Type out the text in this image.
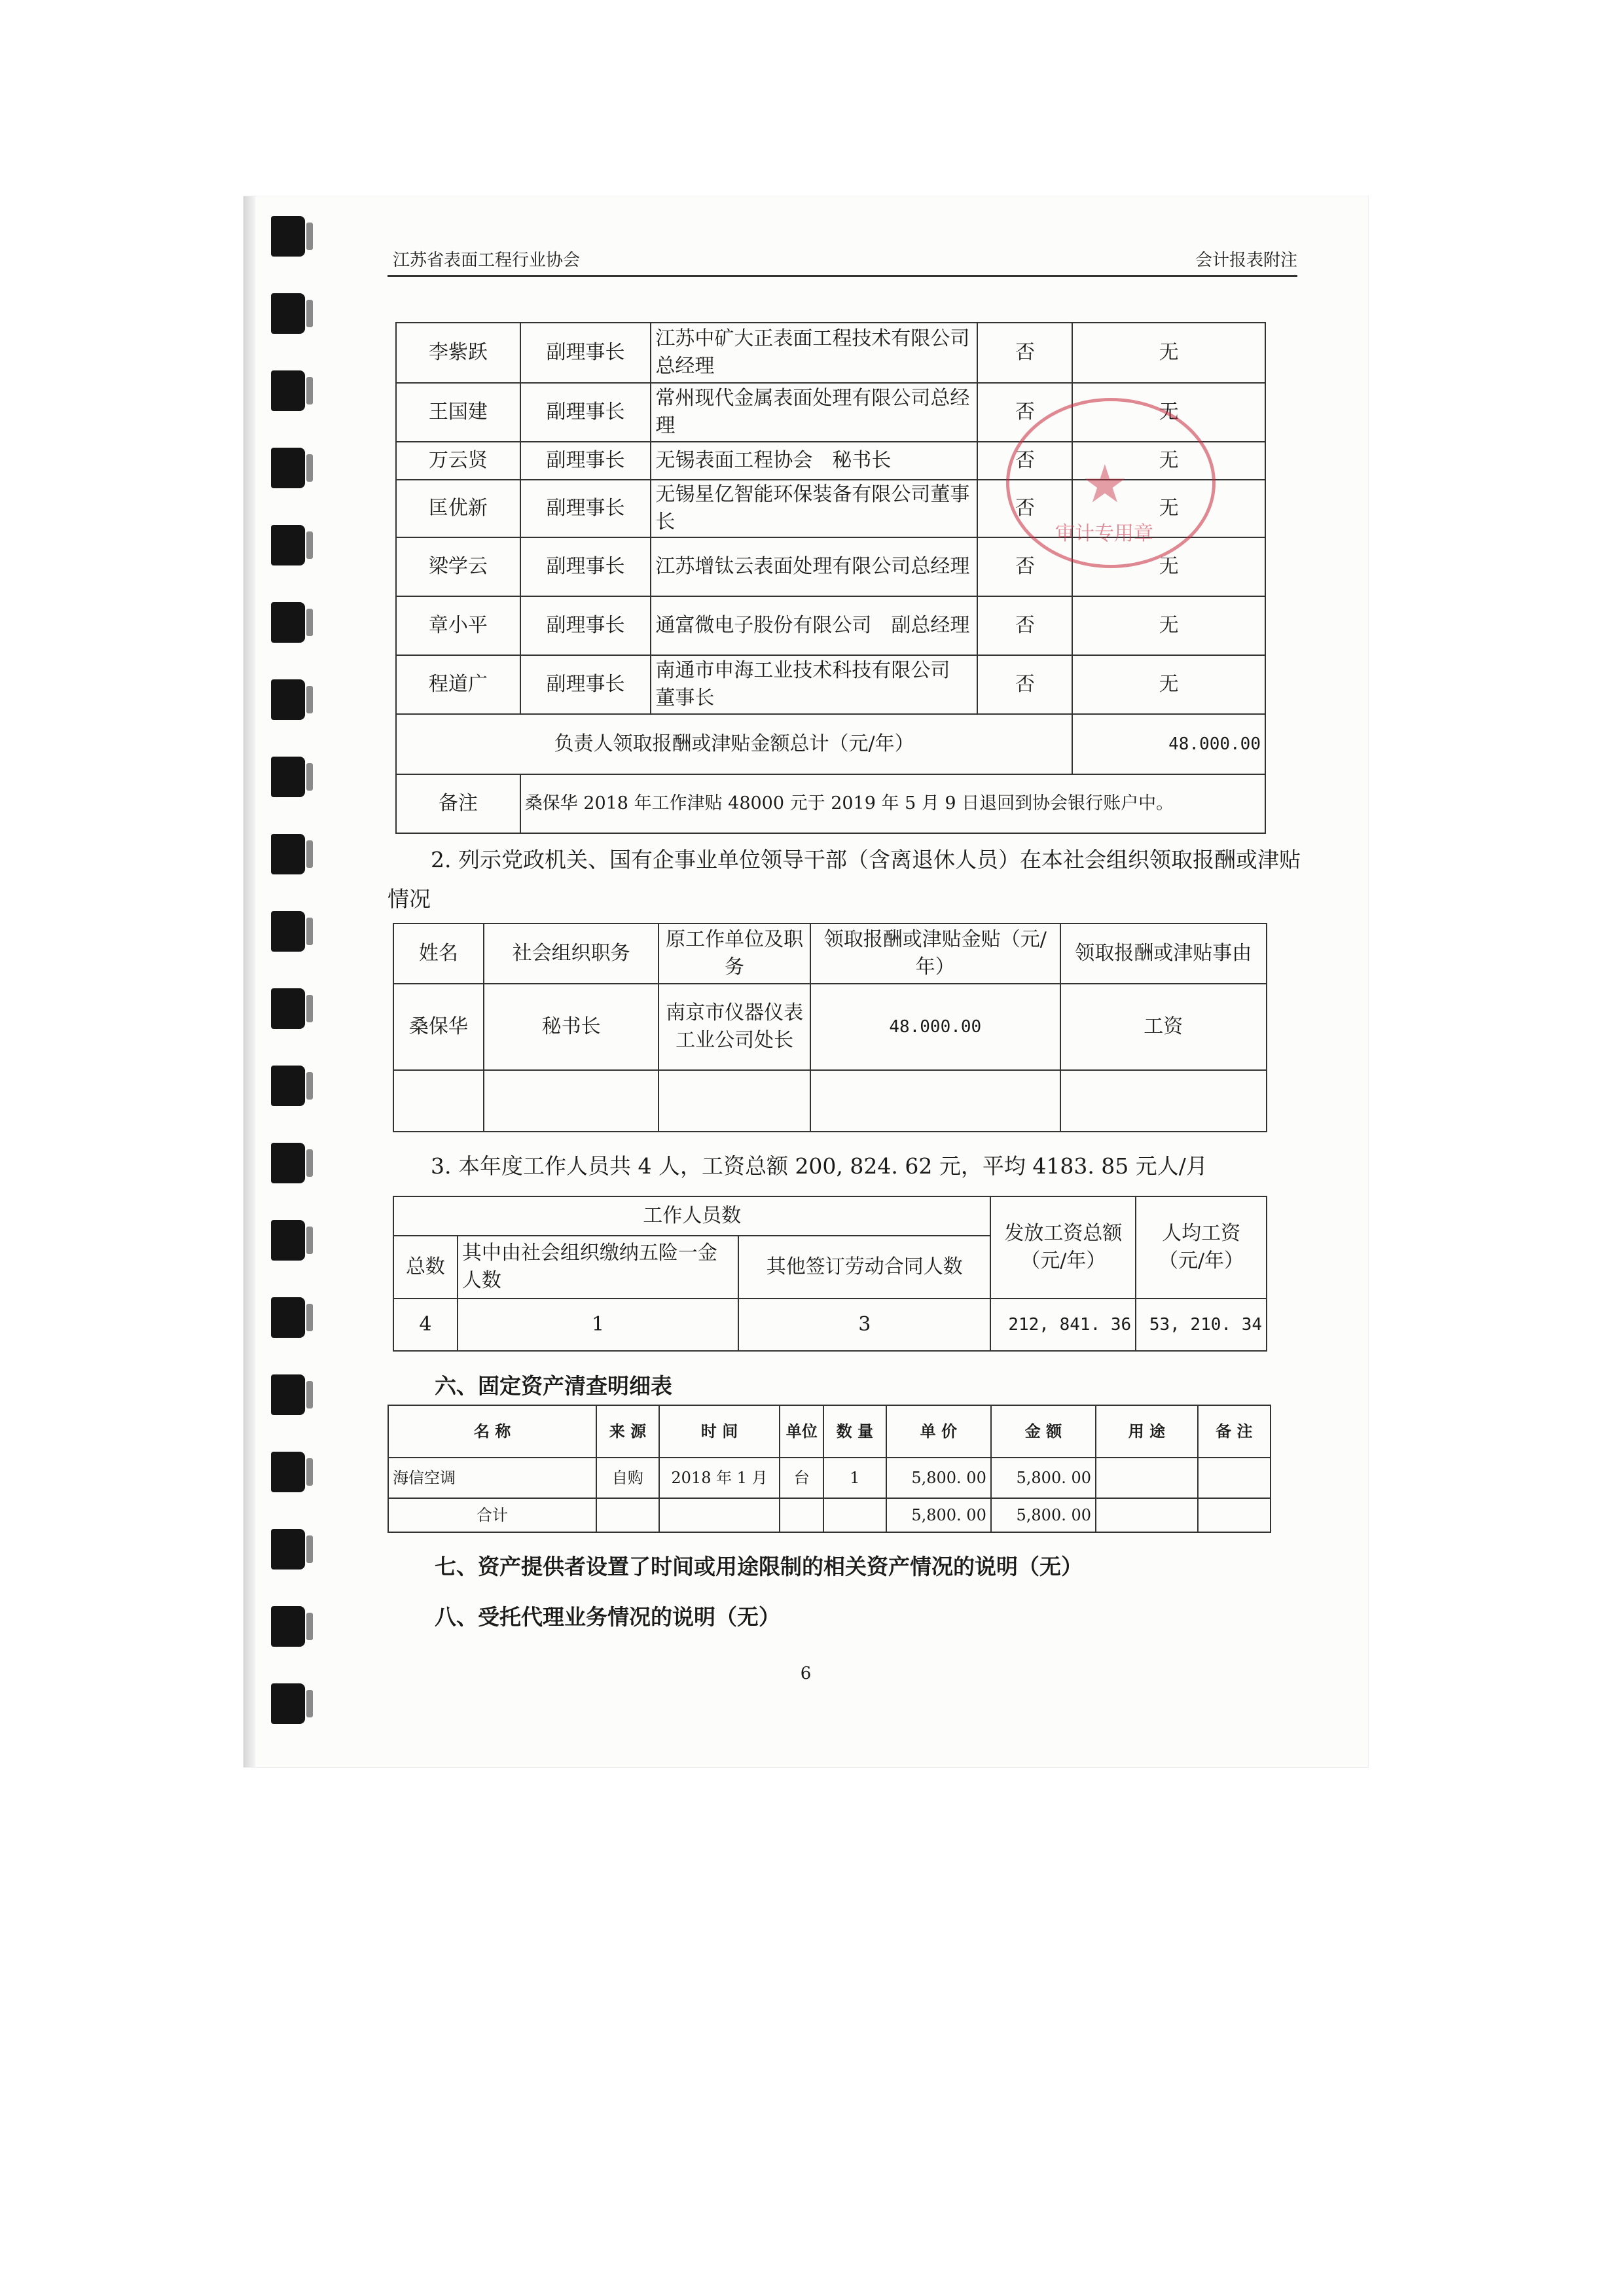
江苏省表面工程行业协会	会计报表附注
李紫跃	副理事长	江苏中矿大正表面工程技术有限公司　总经理	否	无
王国建	副理事长	常州现代金属表面处理有限公司总经理	否	无
万云贤	副理事长	无锡表面工程协会　秘书长	否	无
匡优新	副理事长	无锡星亿智能环保装备有限公司董事长	否	无
梁学云	副理事长	江苏增钛云表面处理有限公司总经理	否	无
章小平	副理事长	通富微电子股份有限公司　副总经理	否	无
程道广	副理事长	南通市申海工业技术科技有限公司　董事长	否	无
负责人领取报酬或津贴金额总计（元/年）				48.000.00
备注	桑保华 2018 年工作津贴 48000 元于 2019 年 5 月 9 日退回到协会银行账户中。			
★
审计专用章
2. 列示党政机关、国有企事业单位领导干部（含离退休人员）在本社会组织领取报酬或津贴情况
姓名	社会组织职务	原工作单位及职务	领取报酬或津贴金贴（元/年）	领取报酬或津贴事由
桑保华	秘书长	南京市仪器仪表工业公司处长	48.000.00	工资

3. 本年度工作人员共 4 人，工资总额 200, 824. 62 元，平均 4183. 85 元人/月
工作人员数			发放工资总额（元/年）	人均工资（元/年）
总数	其中由社会组织缴纳五险一金人数	其他签订劳动合同人数		
4	1	3	212, 841. 36	53, 210. 34
六、固定资产清查明细表
名 称	来 源	时 间	单位	数 量	单 价	金 额	用 途	备 注
海信空调	自购	2018 年 1 月	台	1	5,800. 00	5,800. 00		
合计					5,800. 00	5,800. 00		
七、资产提供者设置了时间或用途限制的相关资产情况的说明（无）
八、受托代理业务情况的说明（无）
6
